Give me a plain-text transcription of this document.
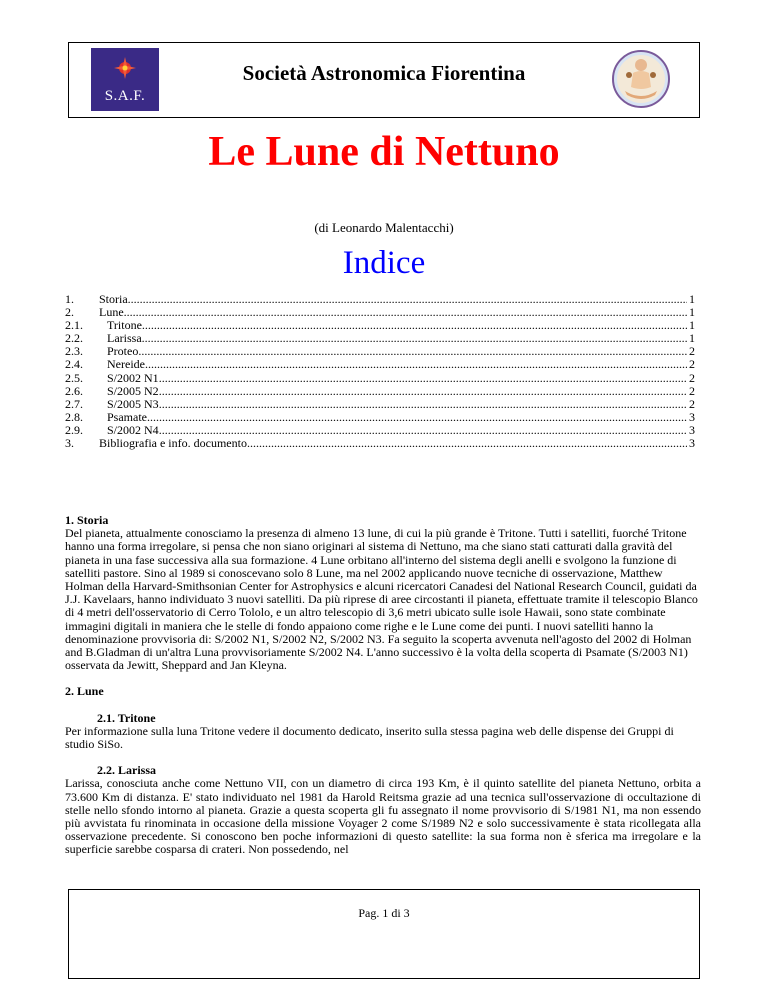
S.A.F.
Società Astronomica Fiorentina
Le Lune di Nettuno
(di Leonardo Malentacchi)
Indice
1.	Storia .....	1
2.	Lune .....	1
2.1.	Tritone .....	1
2.2.	Larissa .....	1
2.3.	Proteo .....	2
2.4.	Nereide .....	2
2.5.	S/2002 N1 .....	2
2.6.	S/2005 N2 .....	2
2.7.	S/2005 N3 .....	2
2.8.	Psamate .....	3
2.9.	S/2002 N4 .....	3
3.	Bibliografia e info. documento .....	3

1. Storia

Del pianeta, attualmente conosciamo la presenza di almeno 13 lune, di cui la più grande è Tritone. Tutti i satelliti, fuorché Tritone hanno una forma irregolare, si pensa che non siano originari al sistema di Nettuno, ma che siano stati catturati dalla gravità del pianeta in una fase successiva alla sua formazione. 4 Lune orbitano all'interno del sistema degli anelli e svolgono la funzione di satelliti pastore. Sino al 1989 si conoscevano solo 8 Lune, ma nel 2002 applicando nuove tecniche di osservazione, Matthew Holman della Harvard-Smithsonian Center for Astrophysics e alcuni ricercatori Canadesi del National Research Council, guidati da J.J. Kavelaars, hanno individuato 3 nuovi satelliti. Da più riprese di aree circostanti il pianeta, effettuate tramite il telescopio Blanco di 4 metri dell'osservatorio di Cerro Tololo, e un altro telescopio di 3,6 metri ubicato sulle isole Hawaii, sono state combinate immagini digitali in maniera che le stelle di fondo appaiono come righe e le Lune come dei punti. I nuovi satelliti hanno la denominazione provvisoria di: S/2002 N1, S/2002 N2, S/2002 N3. Fa seguito la scoperta avvenuta nell'agosto del 2002 di Holman and B.Gladman di un'altra Luna provvisoriamente S/2002 N4. L'anno successivo è la volta della scoperta di Psamate (S/2003 N1) osservata da Jewitt, Sheppard and Jan Kleyna.

2. Lune

2.1. Tritone

Per informazione sulla luna Tritone vedere il documento dedicato, inserito sulla stessa pagina web delle dispense dei Gruppi di studio SiSo.

2.2. Larissa

Larissa, conosciuta anche come Nettuno VII, con un diametro di circa 193 Km, è il quinto satellite del pianeta Nettuno, orbita a 73.600 Km di distanza. E' stato individuato nel 1981 da Harold Reitsma grazie ad una tecnica sull'osservazione di occultazione di stelle nello sfondo intorno al pianeta. Grazie a questa scoperta gli fu assegnato il nome provvisorio di S/1981 N1, ma non essendo più avvistata fu rinominata in occasione della missione Voyager 2 come S/1989 N2 e solo successivamente è stata ricollegata alla osservazione precedente. Si conoscono ben poche informazioni di questo satellite: la sua forma non è sferica ma irregolare e la superficie sarebbe cosparsa di crateri. Non possedendo, nel

Pag. 1 di 3
